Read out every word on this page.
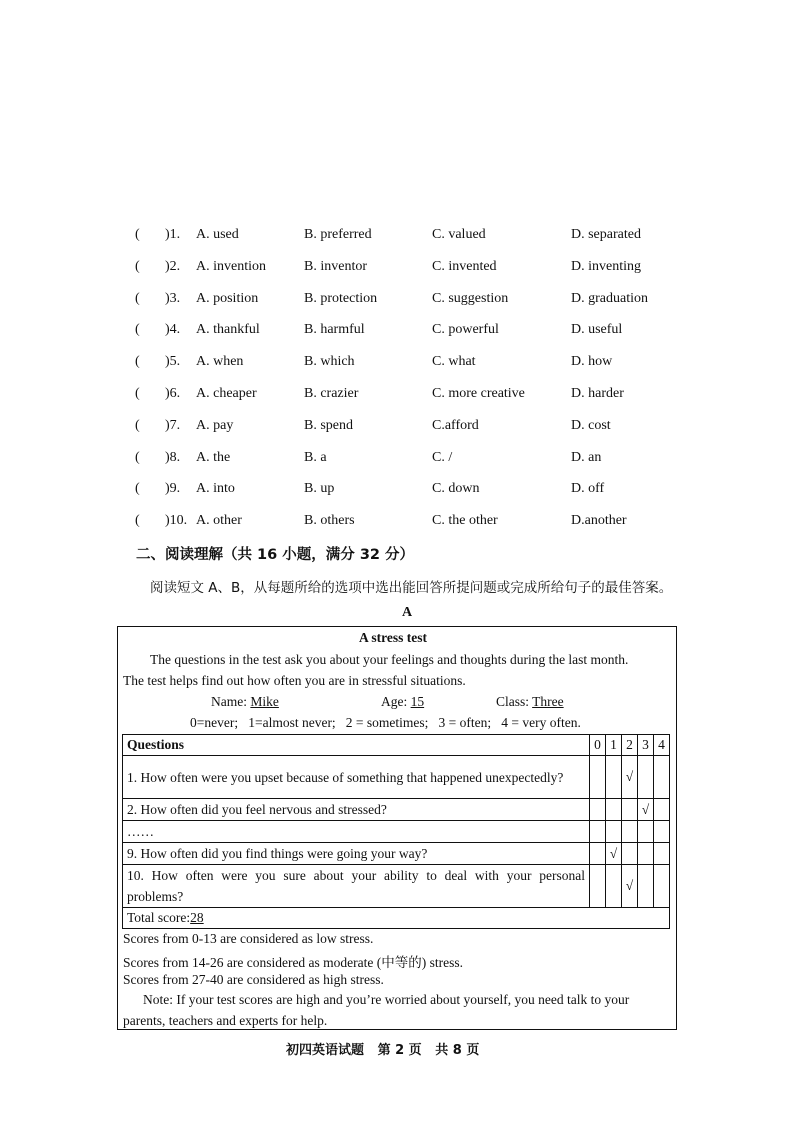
( )1. A. used	B. preferred	C. valued	D. separated
( )2. A. invention	B. inventor	C. invented	D. inventing
( )3. A. position	B. protection	C. suggestion	D. graduation
( )4. A. thankful	B. harmful	C. powerful	D. useful
( )5. A. when	B. which	C. what	D. how
( )6. A. cheaper	B. crazier	C. more creative	D. harder
( )7. A. pay	B. spend	C.afford	D. cost
( )8. A. the	B. a	C. /	D. an
( )9. A. into	B. up	C. down	D. off
( )10. A. other	B. others	C. the other	D.another
二、阅读理解（共 16 小题，满分 32 分）
阅读短文 A、B，从每题所给的选项中选出能回答所提问题或完成所给句子的最佳答案。
A
A stress test
The questions in the test ask you about your feelings and thoughts during the last month.
The test helps find out how often you are in stressful situations.
Name: Mike	Age: 15	Class: Three
0=never;   1=almost never;   2 = sometimes;   3 = often;   4 = very often.
Questions	0	1	2	3	4
1. How often were you upset because of something that happened unexpectedly?			√		
2. How often did you feel nervous and stressed?				√	
……					
9. How often did you find things were going your way?		√			
10. How often were you sure about your ability to deal with your personal problems?			√		
Total score:28					
Scores from 0-13 are considered as low stress.
Scores from 14-26 are considered as moderate (中等的) stress.
Scores from 27-40 are considered as high stress.
Note: If your test scores are high and you’re worried about yourself, you need talk to your
parents, teachers and experts for help.
初四英语试题   第 2 页   共 8 页
